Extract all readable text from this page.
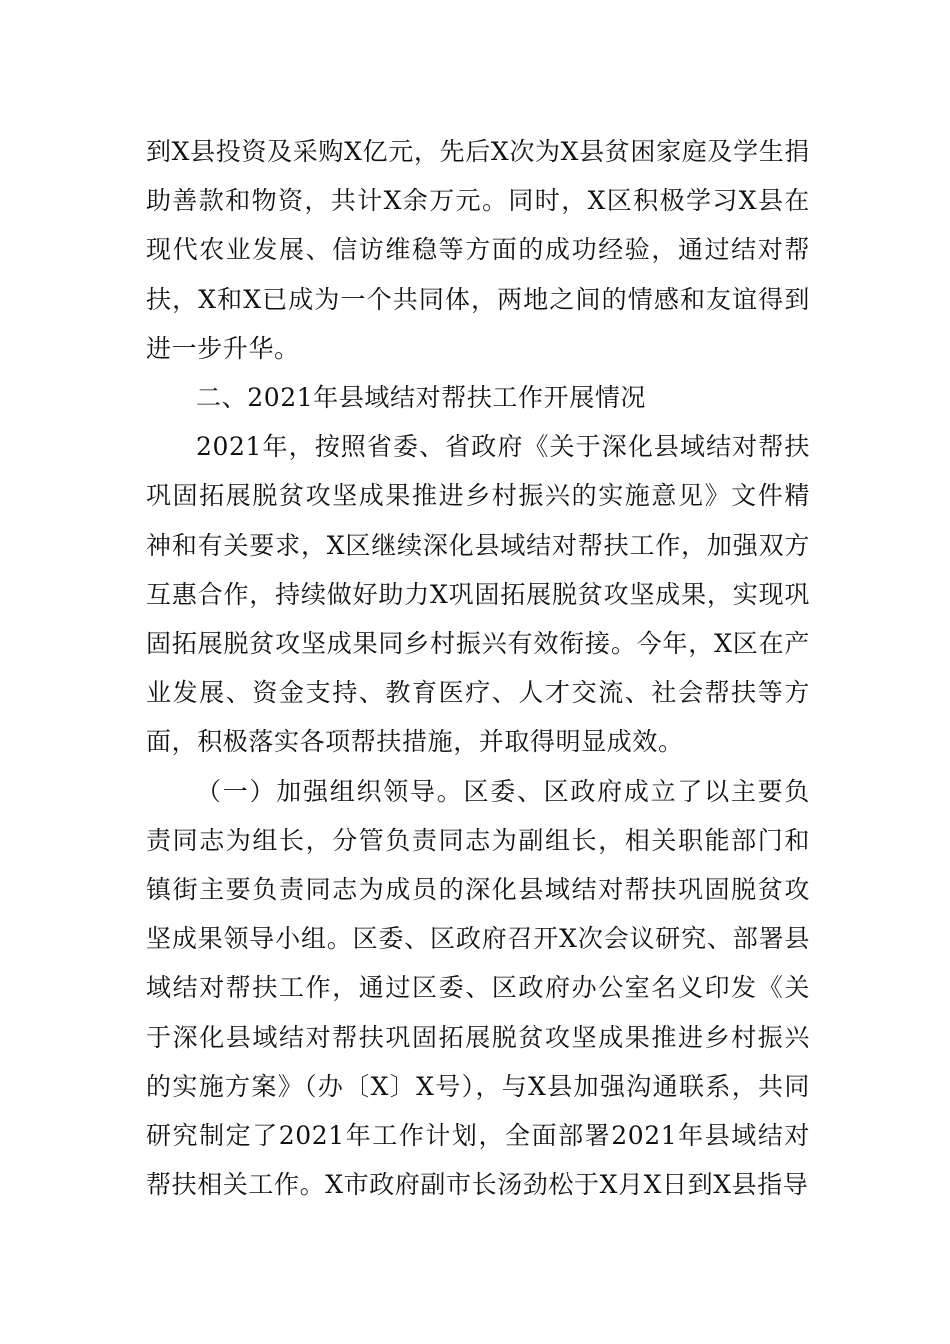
到X县投资及采购X亿元，先后X次为X县贫困家庭及学生捐助善款和物资，共计X余万元。同时，X区积极学习X县在现代农业发展、信访维稳等方面的成功经验，通过结对帮扶，X和X已成为一个共同体，两地之间的情感和友谊得到进一步升华。

二、2021年县域结对帮扶工作开展情况

2021年，按照省委、省政府《关于深化县域结对帮扶巩固拓展脱贫攻坚成果推进乡村振兴的实施意见》文件精神和有关要求，X区继续深化县域结对帮扶工作，加强双方互惠合作，持续做好助力X巩固拓展脱贫攻坚成果，实现巩固拓展脱贫攻坚成果同乡村振兴有效衔接。今年，X区在产业发展、资金支持、教育医疗、人才交流、社会帮扶等方面，积极落实各项帮扶措施，并取得明显成效。

（一）加强组织领导。区委、区政府成立了以主要负责同志为组长，分管负责同志为副组长，相关职能部门和镇街主要负责同志为成员的深化县域结对帮扶巩固脱贫攻坚成果领导小组。区委、区政府召开X次会议研究、部署县域结对帮扶工作，通过区委、区政府办公室名义印发《关于深化县域结对帮扶巩固拓展脱贫攻坚成果推进乡村振兴的实施方案》（办〔X〕X号），与X县加强沟通联系，共同研究制定了2021年工作计划，全面部署2021年县域结对帮扶相关工作。X市政府副市长汤劲松于X月X日到X县指导
